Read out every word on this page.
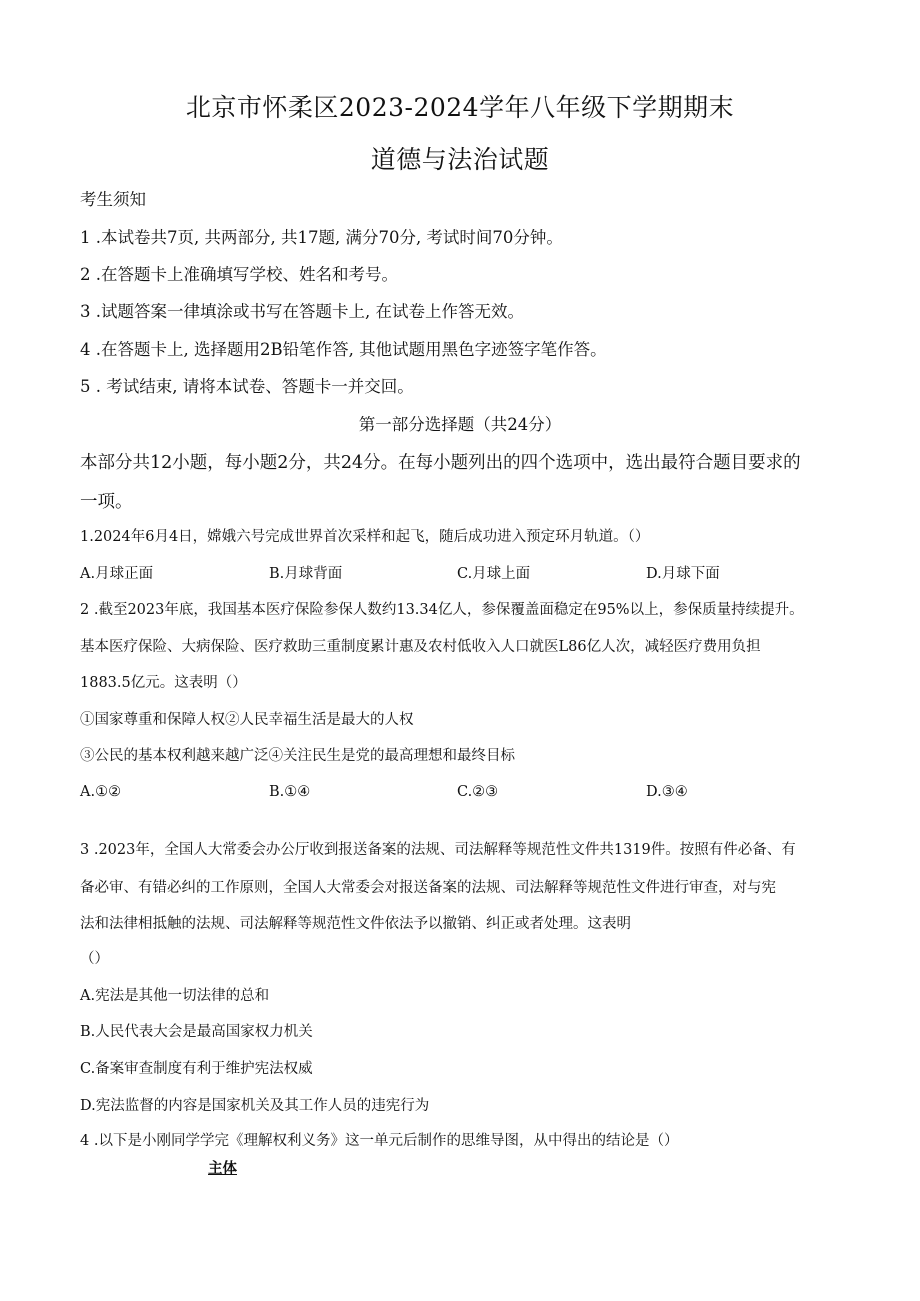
北京市怀柔区2023-2024学年八年级下学期期末
道德与法治试题
考生须知
1 .本试卷共7页, 共两部分, 共17题, 满分70分, 考试时间70分钟。
2 .在答题卡上准确填写学校、姓名和考号。
3 .试题答案一律填涂或书写在答题卡上, 在试卷上作答无效。
4 .在答题卡上, 选择题用2B铅笔作答, 其他试题用黑色字迹签字笔作答。
5 . 考试结束, 请将本试卷、答题卡一并交回。
第一部分选择题（共24分）
本部分共12小题，每小题2分，共24分。在每小题列出的四个选项中，选出最符合题目要求的
一项。
1.2024年6月4日，嫦娥六号完成世界首次采样和起飞，随后成功进入预定环月轨道。（）
A.月球正面	B.月球背面	C.月球上面	D.月球下面
2 .截至2023年底，我国基本医疗保险参保人数约13.34亿人，参保覆盖面稳定在95%以上，参保质量持续提升。
基本医疗保险、大病保险、医疗救助三重制度累计惠及农村低收入人口就医L86亿人次，减轻医疗费用负担
1883.5亿元。这表明（）
①国家尊重和保障人权②人民幸福生活是最大的人权
③公民的基本权利越来越广泛④关注民生是党的最高理想和最终目标
A.①②	B.①④	C.②③	D.③④
3 .2023年，全国人大常委会办公厅收到报送备案的法规、司法解释等规范性文件共1319件。按照有件必备、有
备必审、有错必纠的工作原则，全国人大常委会对报送备案的法规、司法解释等规范性文件进行审查，对与宪
法和法律相抵触的法规、司法解释等规范性文件依法予以撤销、纠正或者处理。这表明
（）
A.宪法是其他一切法律的总和
B.人民代表大会是最高国家权力机关
C.备案审查制度有利于维护宪法权威
D.宪法监督的内容是国家机关及其工作人员的违宪行为
4 .以下是小刚同学学完《理解权利义务》这一单元后制作的思维导图，从中得出的结论是（）
主体
